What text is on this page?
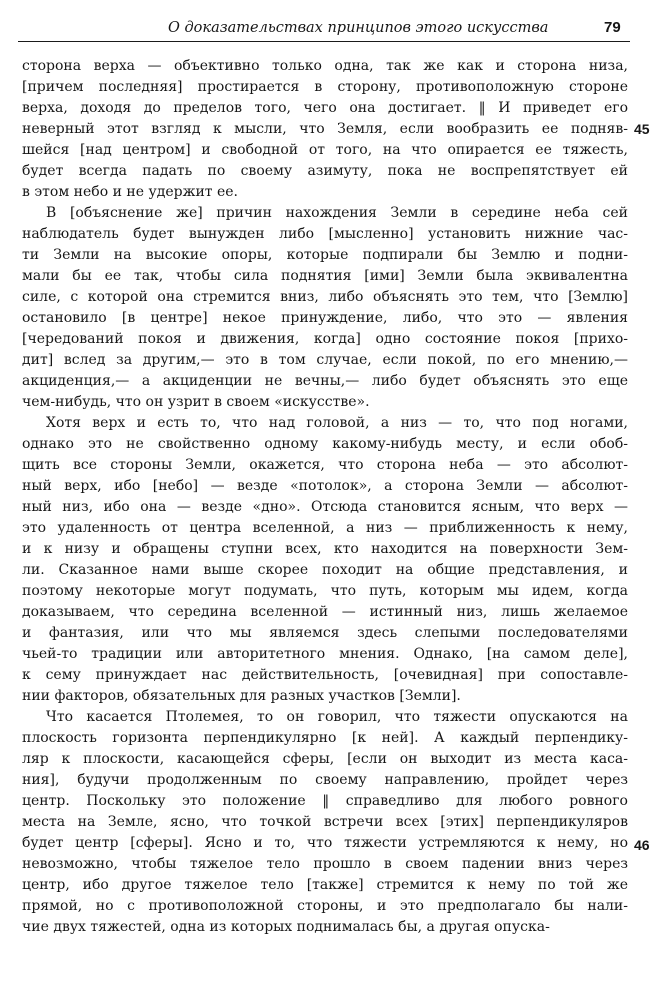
О доказательствах принципов этого искусства	79
45
46
сторона верха — объективно только одна, так же как и сторона низа,
[причем последняя] простирается в сторону, противоположную стороне
верха, доходя до пределов того, чего она достигает. ‖ И приведет его
неверный этот взгляд к мысли, что Земля, если вообразить ее подняв-
шейся [над центром] и свободной от того, на что опирается ее тяжесть,
будет всегда падать по своему азимуту, пока не воспрепятствует ей
в этом небо и не удержит ее.
В [объяснение же] причин нахождения Земли в середине неба сей
наблюдатель будет вынужден либо [мысленно] установить нижние час-
ти Земли на высокие опоры, которые подпирали бы Землю и подни-
мали бы ее так, чтобы сила поднятия [ими] Земли была эквивалентна
силе, с которой она стремится вниз, либо объяснять это тем, что [Землю]
остановило [в центре] некое принуждение, либо, что это — явления
[чередований покоя и движения, когда] одно состояние покоя [прихо-
дит] вслед за другим,— это в том случае, если покой, по его мнению,—
акциденция,— а акциденции не вечны,— либо будет объяснять это еще
чем-нибудь, что он узрит в своем «искусстве».
Хотя верх и есть то, что над головой, а низ — то, что под ногами,
однако это не свойственно одному какому-нибудь месту, и если обоб-
щить все стороны Земли, окажется, что сторона неба — это абсолют-
ный верх, ибо [небо] — везде «потолок», а сторона Земли — абсолют-
ный низ, ибо она — везде «дно». Отсюда становится ясным, что верх —
это удаленность от центра вселенной, а низ — приближенность к нему,
и к низу и обращены ступни всех, кто находится на поверхности Зем-
ли. Сказанное нами выше скорее походит на общие представления, и
поэтому некоторые могут подумать, что путь, которым мы идем, когда
доказываем, что середина вселенной — истинный низ, лишь желаемое
и фантазия, или что мы являемся здесь слепыми последователями
чьей-то традиции или авторитетного мнения. Однако, [на самом деле],
к сему принуждает нас действительность, [очевидная] при сопоставле-
нии факторов, обязательных для разных участков [Земли].
Что касается Птолемея, то он говорил, что тяжести опускаются на
плоскость горизонта перпендикулярно [к ней]. А каждый перпендику-
ляр к плоскости, касающейся сферы, [если он выходит из места каса-
ния], будучи продолженным по своему направлению, пройдет через
центр. Поскольку это положение ‖ справедливо для любого ровного
места на Земле, ясно, что точкой встречи всех [этих] перпендикуляров
будет центр [сферы]. Ясно и то, что тяжести устремляются к нему, но
невозможно, чтобы тяжелое тело прошло в своем падении вниз через
центр, ибо другое тяжелое тело [также] стремится к нему по той же
прямой, но с противоположной стороны, и это предполагало бы нали-
чие двух тяжестей, одна из которых поднималась бы, а другая опуска-
